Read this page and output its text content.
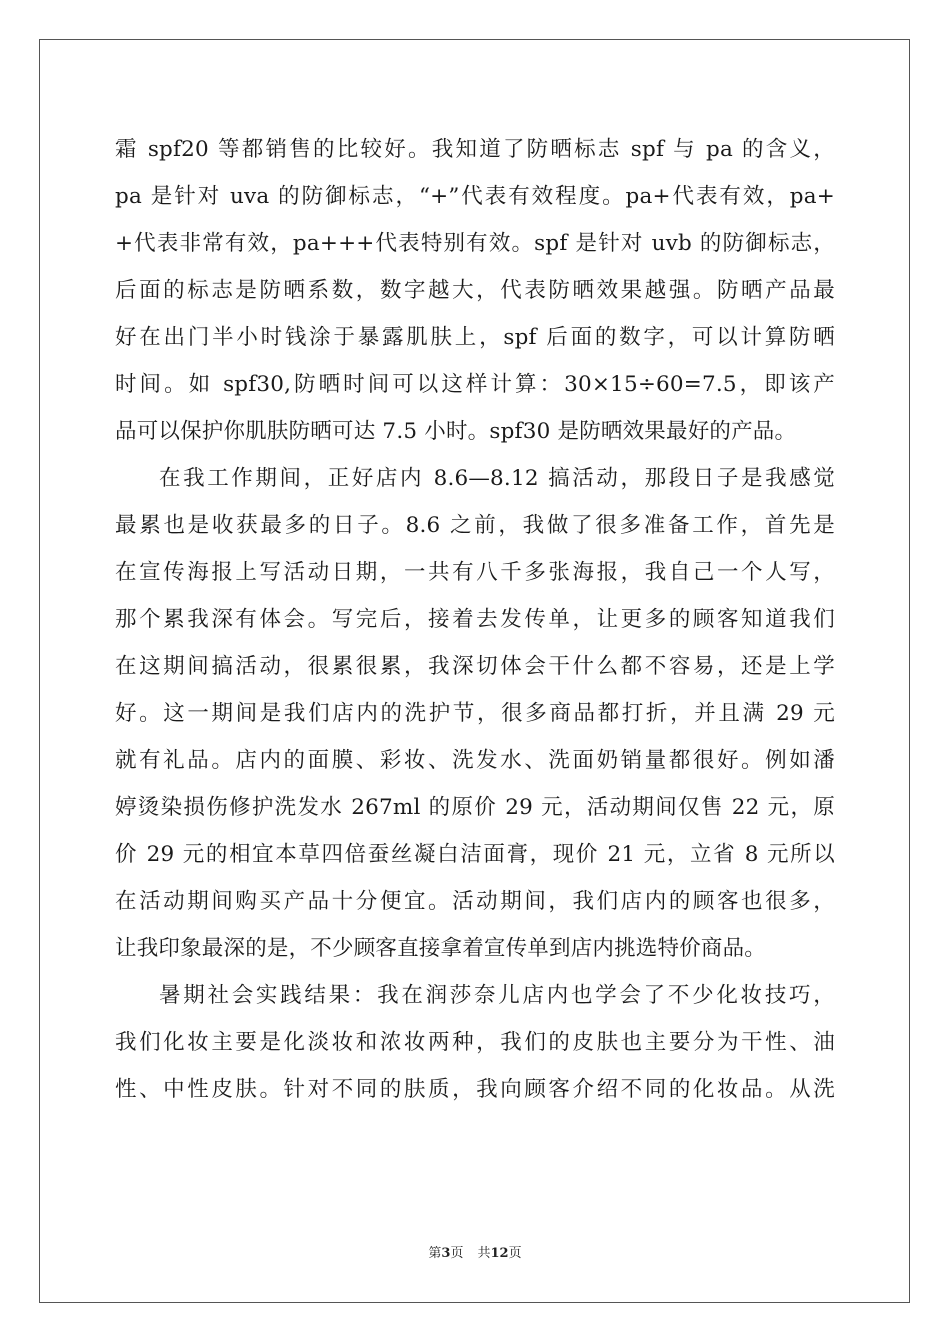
霜 spf20 等都销售的比较好。我知道了防晒标志 spf 与 pa 的含义，
pa 是针对 uva 的防御标志，“+”代表有效程度。pa+代表有效，pa+
+代表非常有效，pa+++代表特别有效。spf 是针对 uvb 的防御标志，
后面的标志是防晒系数，数字越大，代表防晒效果越强。防晒产品最
好在出门半小时钱涂于暴露肌肤上，spf 后面的数字，可以计算防晒
时间。如 spf30,防晒时间可以这样计算：30×15÷60=7.5，即该产
品可以保护你肌肤防晒可达 7.5 小时。spf30 是防晒效果最好的产品。
在我工作期间，正好店内 8.6—8.12 搞活动，那段日子是我感觉
最累也是收获最多的日子。8.6 之前，我做了很多准备工作，首先是
在宣传海报上写活动日期，一共有八千多张海报，我自己一个人写，
那个累我深有体会。写完后，接着去发传单，让更多的顾客知道我们
在这期间搞活动，很累很累，我深切体会干什么都不容易，还是上学
好。这一期间是我们店内的洗护节，很多商品都打折，并且满 29 元
就有礼品。店内的面膜、彩妆、洗发水、洗面奶销量都很好。例如潘
婷烫染损伤修护洗发水 267ml 的原价 29 元，活动期间仅售 22 元，原
价 29 元的相宜本草四倍蚕丝凝白洁面膏，现价 21 元，立省 8 元所以
在活动期间购买产品十分便宜。活动期间，我们店内的顾客也很多，
让我印象最深的是，不少顾客直接拿着宣传单到店内挑选特价商品。
暑期社会实践结果：我在润莎奈儿店内也学会了不少化妆技巧，
我们化妆主要是化淡妆和浓妆两种，我们的皮肤也主要分为干性、油
性、中性皮肤。针对不同的肤质，我向顾客介绍不同的化妆品。从洗
第3页 共12页
